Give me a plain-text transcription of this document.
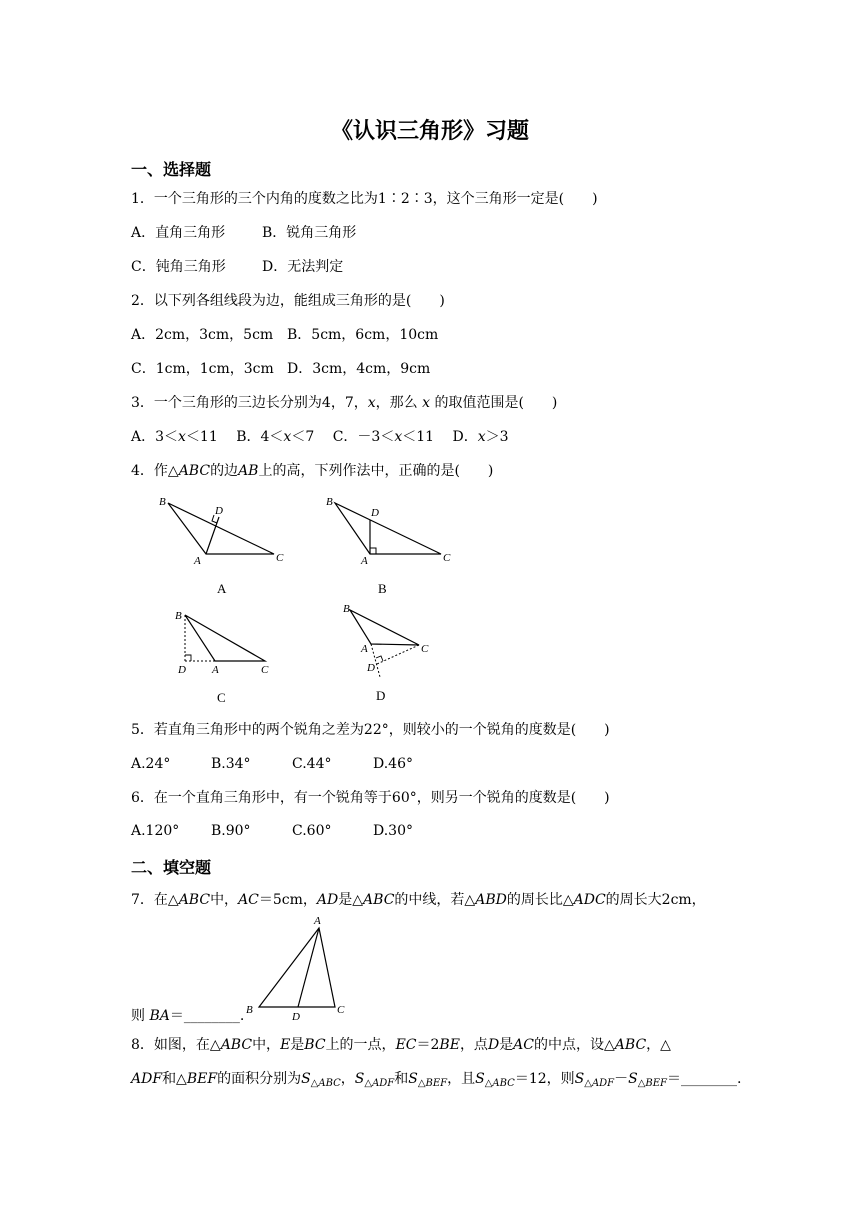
《认识三角形》习题
一、选择题
1．一个三角形的三个内角的度数之比为1∶2∶3，这个三角形一定是(　　)
A．直角三角形	B．锐角三角形
C．钝角三角形	D．无法判定
2．以下列各组线段为边，能组成三角形的是(　　)
A．2cm，3cm，5cm B．5cm，6cm，10cm
C．1cm，1cm，3cm D．3cm，4cm，9cm
3．一个三角形的三边长分别为4，7，x，那么 x 的取值范围是(　　)
A．3＜x＜11　 B．4＜x＜7　 C．－3＜x＜11　 D．x＞3
4．作△ABC的边AB上的高，下列作法中，正确的是(　　)
B
D
A	C
A
B
D
A	C
B
B
D A	C
C
B
A	C
D
D
5．若直角三角形中的两个锐角之差为22°，则较小的一个锐角的度数是(　　)
A.24°	B.34°	C.44°	D.46°
6．在一个直角三角形中，有一个锐角等于60°，则另一个锐角的度数是(　　)
A.120° B.90°	C.60°	D.30°
二、填空题
7．在△ABC中，AC＝5cm，AD是△ABC的中线，若△ABD的周长比△ADC的周长大2cm，
A
B
D
C
则 BA＝________.
8．如图，在△ABC中，E是BC上的一点，EC＝2BE，点D是AC的中点，设△ABC，△
ADF和△BEF的面积分别为$S_{\triangle ABC}$，$S_{\triangle ADF}$和$S_{\triangle BEF}$，且$S_{\triangle ABC}=12$，则$S_{\triangle ADF}-S_{\triangle BEF}=\_\_\_\_\_\_\_\_$.
